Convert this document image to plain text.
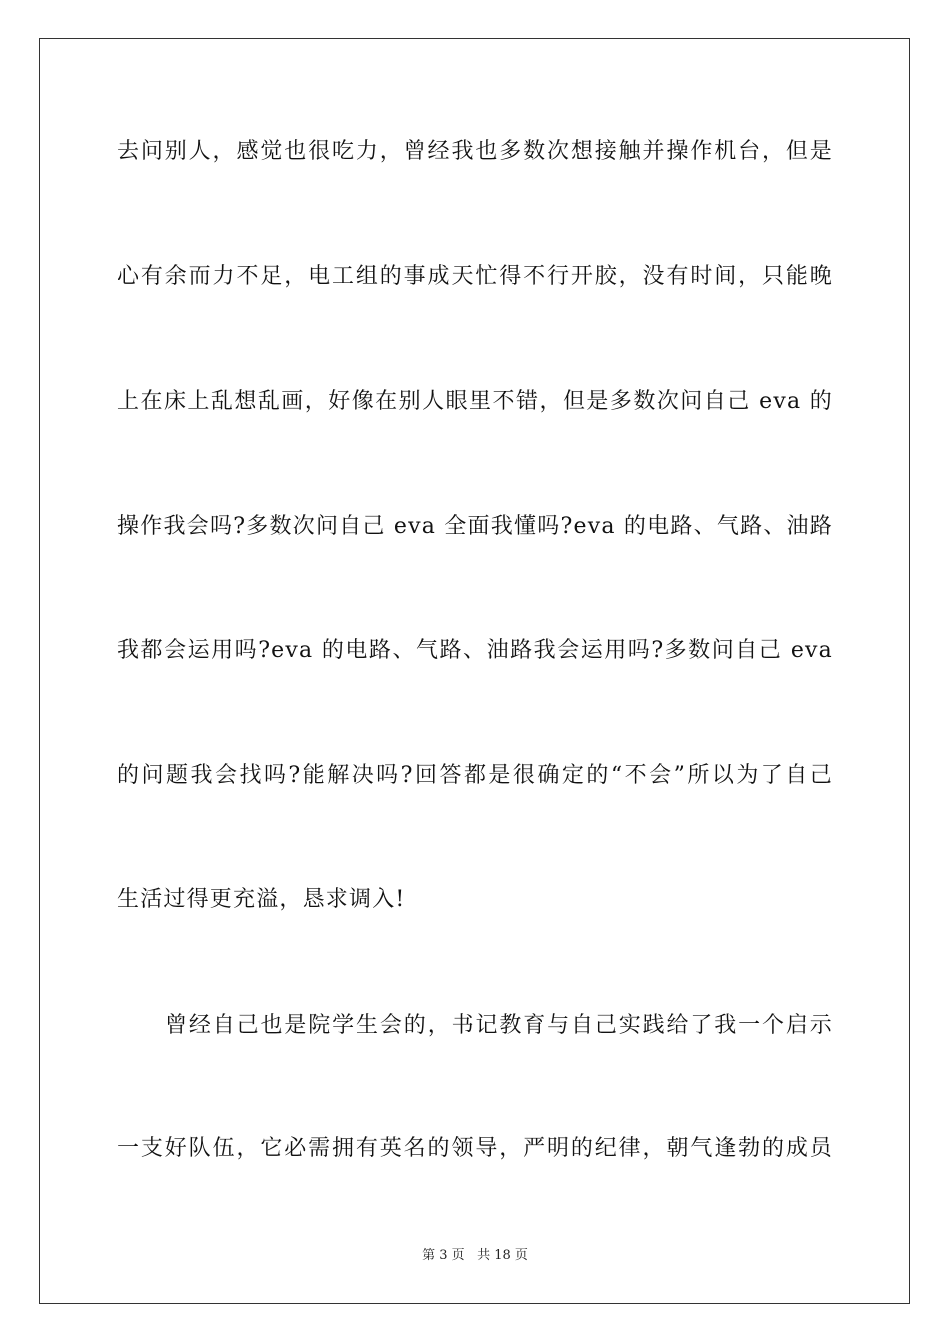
去问别人，感觉也很吃力，曾经我也多数次想接触并操作机台，但是
心有余而力不足，电工组的事成天忙得不行开胶，没有时间，只能晚
上在床上乱想乱画，好像在别人眼里不错，但是多数次问自己 eva 的
操作我会吗?多数次问自己 eva 全面我懂吗?eva 的电路、气路、油路
我都会运用吗?eva 的电路、气路、油路我会运用吗?多数问自己 eva
的问题我会找吗?能解决吗?回答都是很确定的“不会”所以为了自己
生活过得更充溢，恳求调入!
曾经自己也是院学生会的，书记教育与自己实践给了我一个启示
一支好队伍，它必需拥有英名的领导，严明的纪律，朝气逢勃的成员
第 3 页 共 18 页
